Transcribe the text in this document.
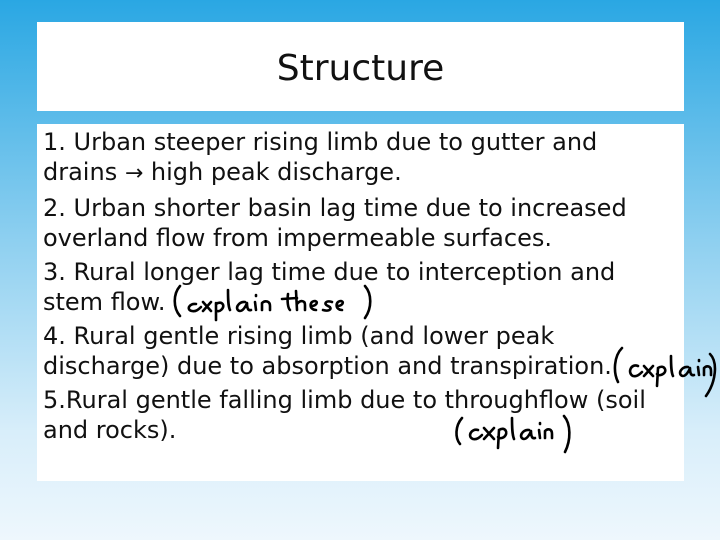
Structure
1. Urban steeper rising limb due to gutter and
drains → high peak discharge.
2. Urban shorter basin lag time due to increased
overland flow from impermeable surfaces.
3. Rural longer lag time due to interception and
stem flow.
4. Rural gentle rising limb (and lower peak
discharge) due to absorption and transpiration.
5.Rural gentle falling limb due to throughflow (soil
and rocks).
